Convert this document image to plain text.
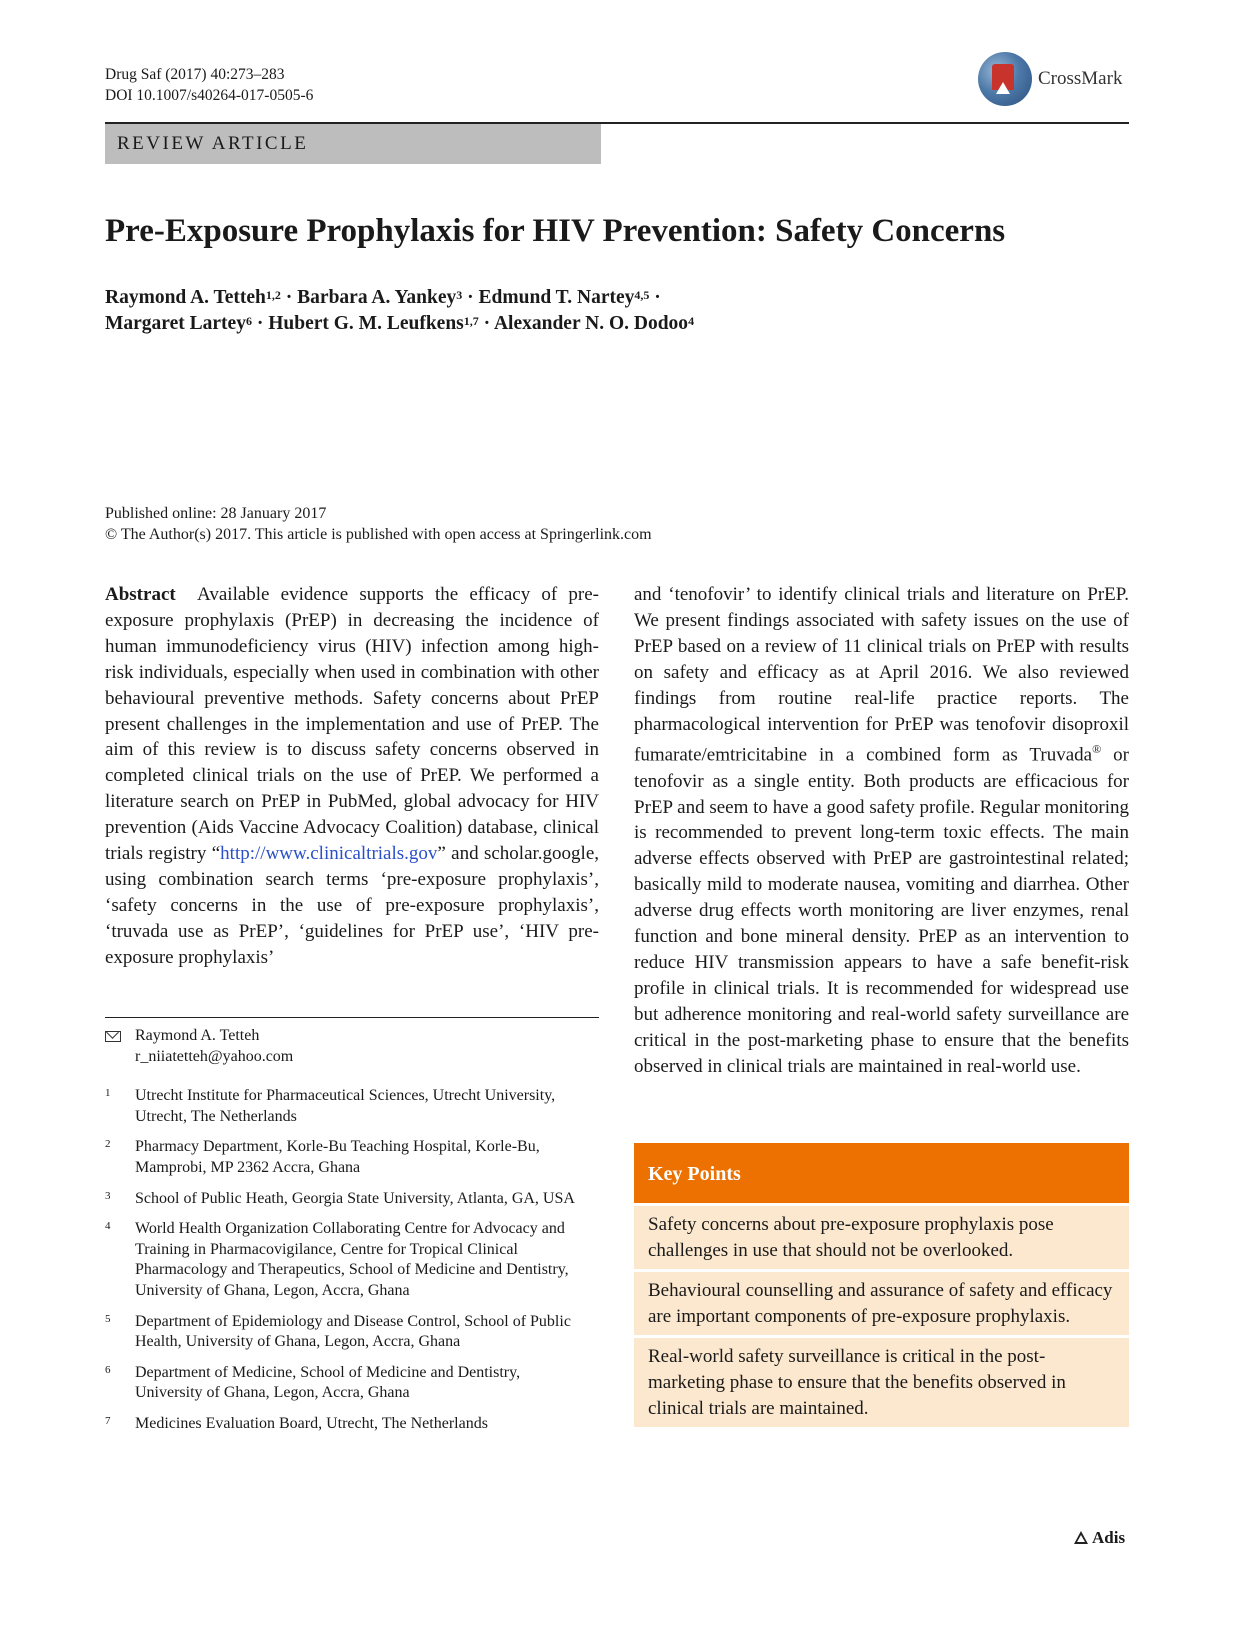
Drug Saf (2017) 40:273–283
DOI 10.1007/s40264-017-0505-6
CrossMark
REVIEW ARTICLE
Pre-Exposure Prophylaxis for HIV Prevention: Safety Concerns
Raymond A. Tetteh$^{1,2}$ · Barbara A. Yankey$^3$ · Edmund T. Nartey$^{4,5}$ ·
Margaret Lartey$^6$ · Hubert G. M. Leufkens$^{1,7}$ · Alexander N. O. Dodoo$^4$
Published online: 28 January 2017
© The Author(s) 2017. This article is published with open access at Springerlink.com

Abstract Available evidence supports the efficacy of pre-exposure prophylaxis (PrEP) in decreasing the incidence of human immunodeficiency virus (HIV) infection among high-risk individuals, especially when used in combination with other behavioural preventive methods. Safety concerns about PrEP present challenges in the implementation and use of PrEP. The aim of this review is to discuss safety concerns observed in completed clinical trials on the use of PrEP. We performed a literature search on PrEP in PubMed, global advocacy for HIV prevention (Aids Vaccine Advocacy Coalition) database, clinical trials registry “http://www.clinicaltrials.gov” and scholar.google, using combination search terms ‘pre-exposure prophylaxis’, ‘safety concerns in the use of pre-exposure prophylaxis’, ‘truvada use as PrEP’, ‘guidelines for PrEP use’, ‘HIV pre-exposure prophylaxis’

and ‘tenofovir’ to identify clinical trials and literature on PrEP. We present findings associated with safety issues on the use of PrEP based on a review of 11 clinical trials on PrEP with results on safety and efficacy as at April 2016. We also reviewed findings from routine real-life practice reports. The pharmacological intervention for PrEP was tenofovir disoproxil fumarate/emtricitabine in a combined form as Truvada® or tenofovir as a single entity. Both products are efficacious for PrEP and seem to have a good safety profile. Regular monitoring is recommended to prevent long-term toxic effects. The main adverse effects observed with PrEP are gastrointestinal related; basically mild to moderate nausea, vomiting and diarrhea. Other adverse drug effects worth monitoring are liver enzymes, renal function and bone mineral density. PrEP as an intervention to reduce HIV transmission appears to have a safe benefit-risk profile in clinical trials. It is recommended for widespread use but adherence monitoring and real-world safety surveillance are critical in the post-marketing phase to ensure that the benefits observed in clinical trials are maintained in real-world use.

Raymond A. Tetteh
r_niiatetteh@yahoo.com
1 Utrecht Institute for Pharmaceutical Sciences, Utrecht University, Utrecht, The Netherlands
2 Pharmacy Department, Korle-Bu Teaching Hospital, Korle-Bu, Mamprobi, MP 2362 Accra, Ghana
3 School of Public Heath, Georgia State University, Atlanta, GA, USA
4 World Health Organization Collaborating Centre for Advocacy and Training in Pharmacovigilance, Centre for Tropical Clinical Pharmacology and Therapeutics, School of Medicine and Dentistry, University of Ghana, Legon, Accra, Ghana
5 Department of Epidemiology and Disease Control, School of Public Health, University of Ghana, Legon, Accra, Ghana
6 Department of Medicine, School of Medicine and Dentistry, University of Ghana, Legon, Accra, Ghana
7 Medicines Evaluation Board, Utrecht, The Netherlands
Key Points
Safety concerns about pre-exposure prophylaxis pose challenges in use that should not be overlooked.
Behavioural counselling and assurance of safety and efficacy are important components of pre-exposure prophylaxis.
Real-world safety surveillance is critical in the post-marketing phase to ensure that the benefits observed in clinical trials are maintained.
Adis
